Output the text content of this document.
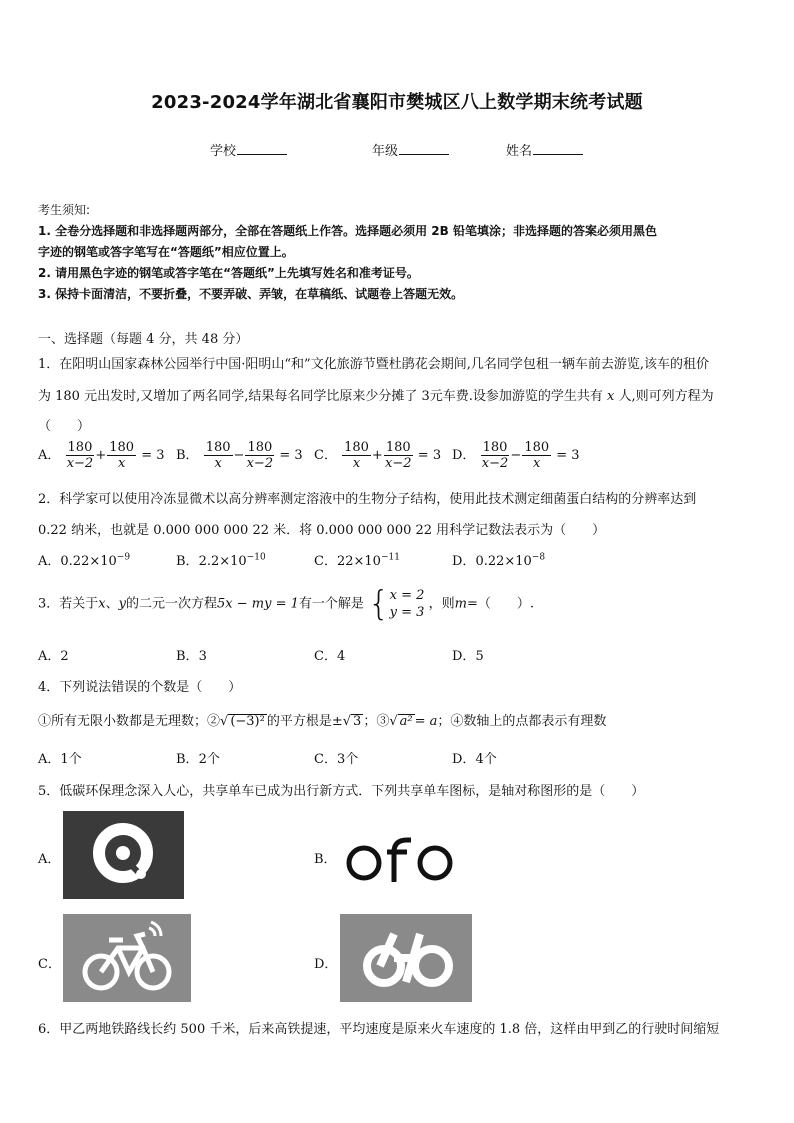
2023-2024学年湖北省襄阳市樊城区八上数学期末统考试题
学校	年级	姓名
考生须知:
1. 全卷分选择题和非选择题两部分，全部在答题纸上作答。选择题必须用 2B 铅笔填涂；非选择题的答案必须用黑色
字迹的钢笔或答字笔写在“答题纸”相应位置上。
2. 请用黑色字迹的钢笔或答字笔在“答题纸”上先填写姓名和准考证号。
3. 保持卡面清洁，不要折叠，不要弄破、弄皱，在草稿纸、试题卷上答题无效。
一、选择题（每题 4 分，共 48 分）
1．在阳明山国家森林公园举行中国·阳明山“和”文化旅游节暨杜鹃花会期间,几名同学包租一辆车前去游览,该车的租价
为 180 元出发时,又增加了两名同学,结果每名同学比原来少分摊了 3元车费.设参加游览的学生共有 x 人,则可列方程为
（　　）
A． $\frac{180}{x-2} + \frac{180}{x} = 3$ B． $\frac{180}{x} - \frac{180}{x-2} = 3$ C． $\frac{180}{x} + \frac{180}{x-2} = 3$ D． $\frac{180}{x-2} - \frac{180}{x} = 3$
2．科学家可以使用冷冻显微术以高分辨率测定溶液中的生物分子结构，使用此技术测定细菌蛋白结构的分辨率达到
0.22 纳米，也就是 0.000 000 000 22 米．将 0.000 000 000 22 用科学记数法表示为（　　）
A．$0.22\times 10^{-9}$	B．$2.2\times 10^{-10}$	C．$22\times 10^{-11}$	D．$0.22\times 10^{-8}$
3．若关于x、y的二元一次方程5x − my = 1有一个解是 { x = 2
y = 3
，则m=（　　）.
A．2	B．3	C．4	D．5
4．下列说法错误的个数是（　　）
①所有无限小数都是无理数；②√ (−3)² 的平方根是±√ 3 ；③√ a² = a；④数轴上的点都表示有理数
A．1个	B．2个	C．3个	D．4个
5．低碳环保理念深入人心，共享单车已成为出行新方式．下列共享单车图标，是轴对称图形的是（　　）
A．	B．
C．	D．
6．甲乙两地铁路线长约 500 千米，后来高铁提速，平均速度是原来火车速度的 1.8 倍，这样由甲到乙的行驶时间缩短
